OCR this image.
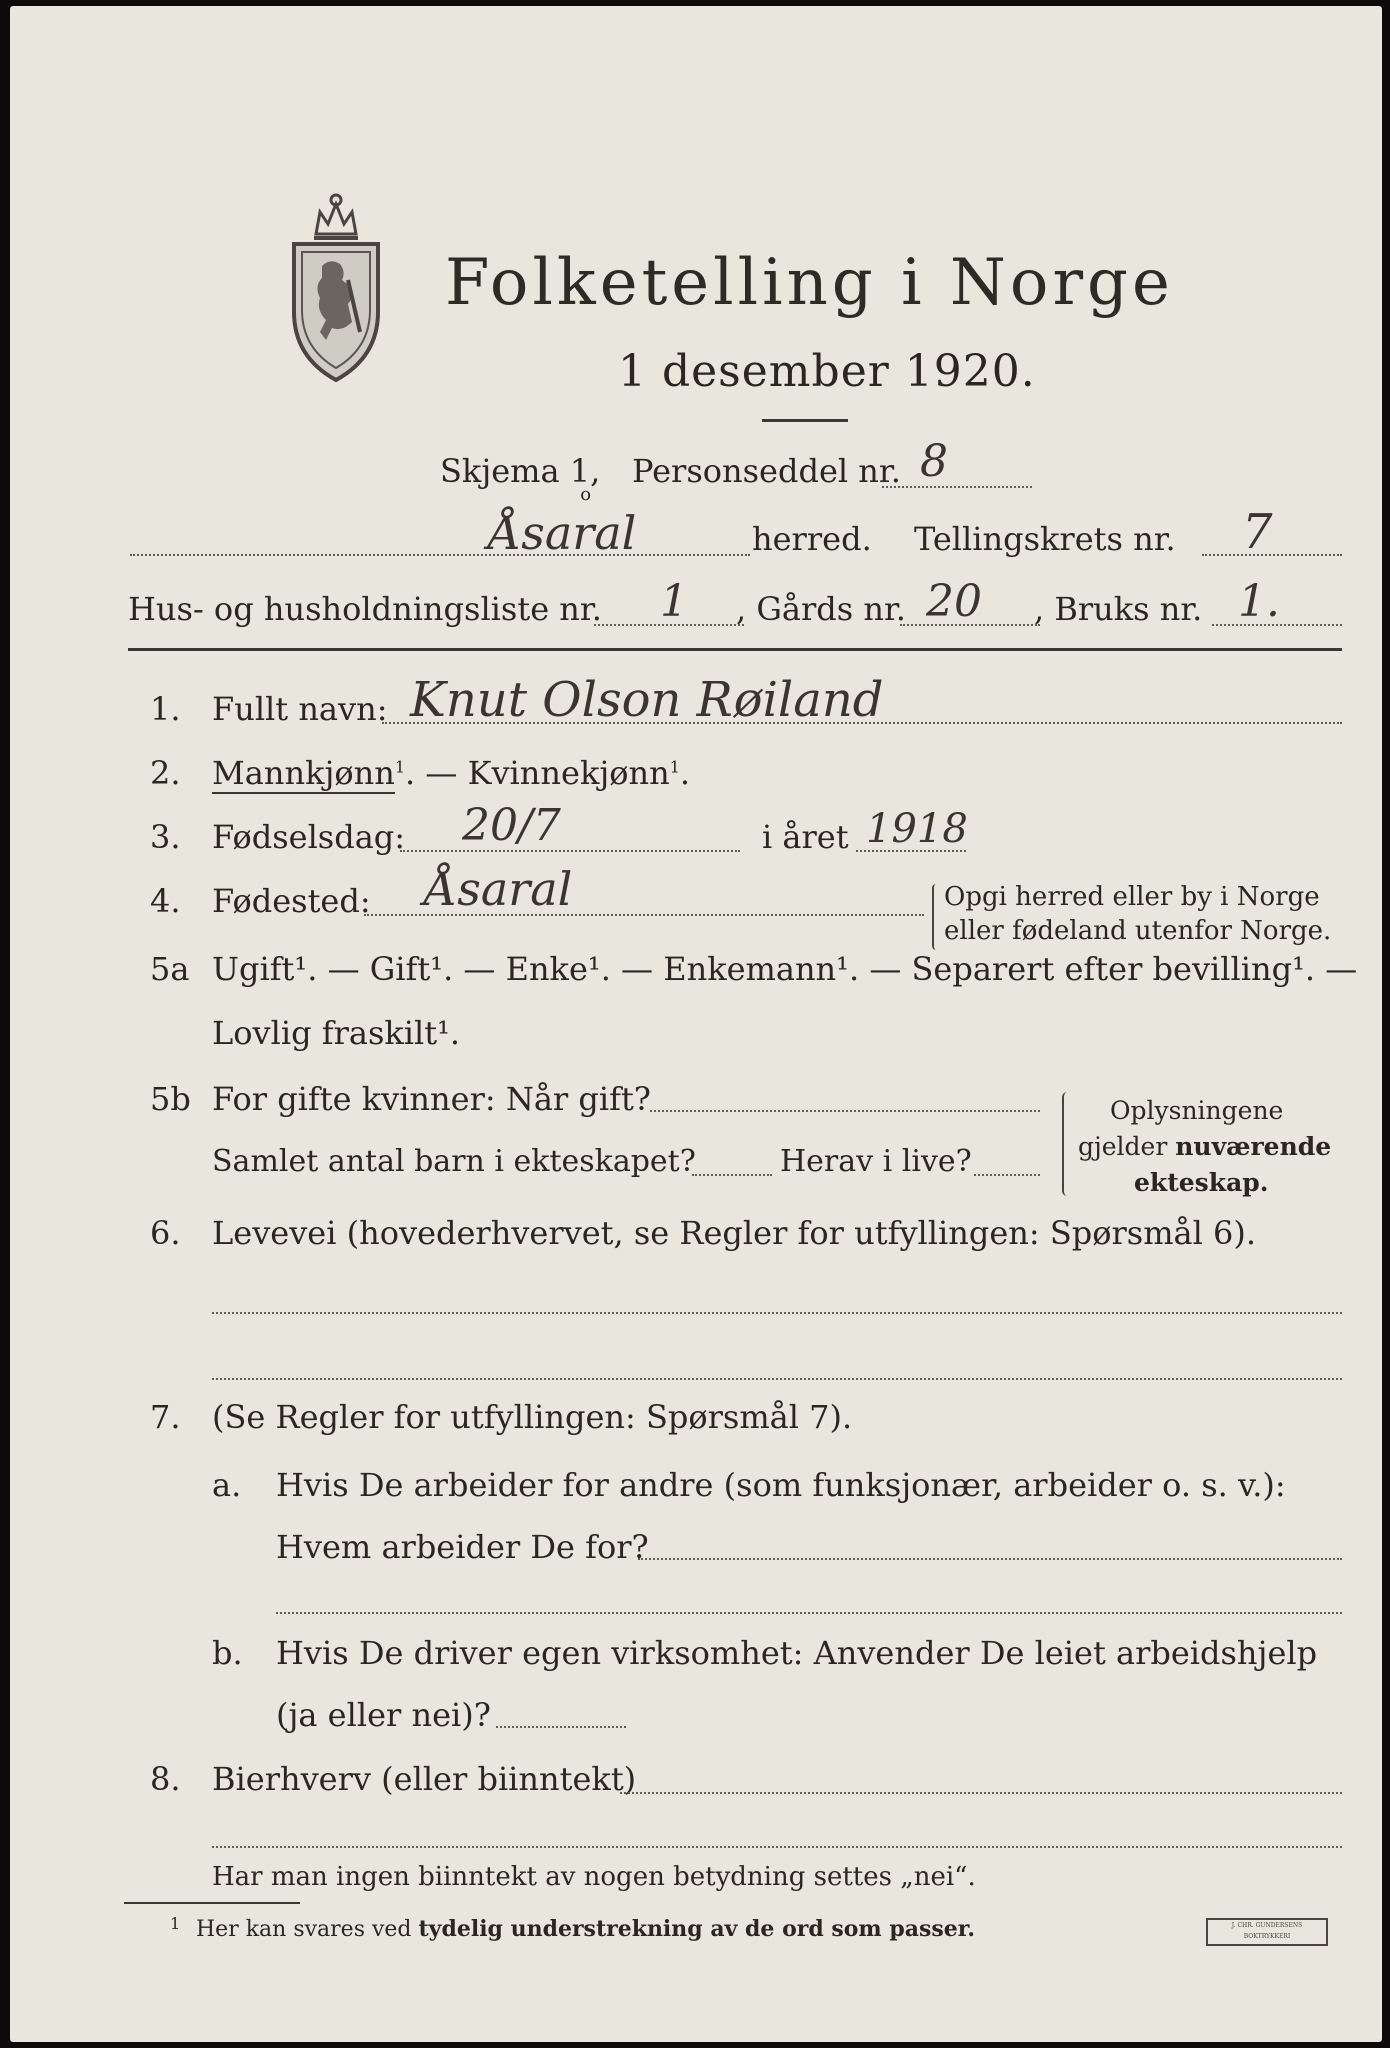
Folketelling i Norge
1 desember 1920.
Skjema $1,_o$
Personseddel nr. 8
Åsaral	herred. Tellingskrets nr. 7
Hus- og husholdningsliste nr. 1 , Gårds nr. 20 , Bruks nr. 1.
1. Fullt navn: Knut Olson Røiland
2. Mannkjønn$^1$. — Kvinnekjønn$^1$.
3. Fødselsdag: 20/7	i året 1918
4. Fødested: Åsaral	Opgi herred eller by i Norge
eller fødeland utenfor Norge.
5a Ugift¹. — Gift¹. — Enke¹. — Enkemann¹. — Separert efter bevilling¹. —
Lovlig fraskilt¹.
5b For gifte kvinner: Når gift?
Samlet antal barn i ekteskapet?	Herav i live?
Oplysningene
gjelder nuværende
ekteskap.
6. Levevei (hovederhvervet, se Regler for utfyllingen: Spørsmål 6).
7. (Se Regler for utfyllingen: Spørsmål 7).
a. Hvis De arbeider for andre (som funksjonær, arbeider o. s. v.):
Hvem arbeider De for?
b. Hvis De driver egen virksomhet: Anvender De leiet arbeidshjelp
(ja eller nei)?
8. Bierhverv (eller biinntekt)
Har man ingen biinntekt av nogen betydning settes „nei“.
1 Her kan svares ved tydelig understrekning av de ord som passer.	J. CHR. GUNDERSENS BOKTRYKKERI
